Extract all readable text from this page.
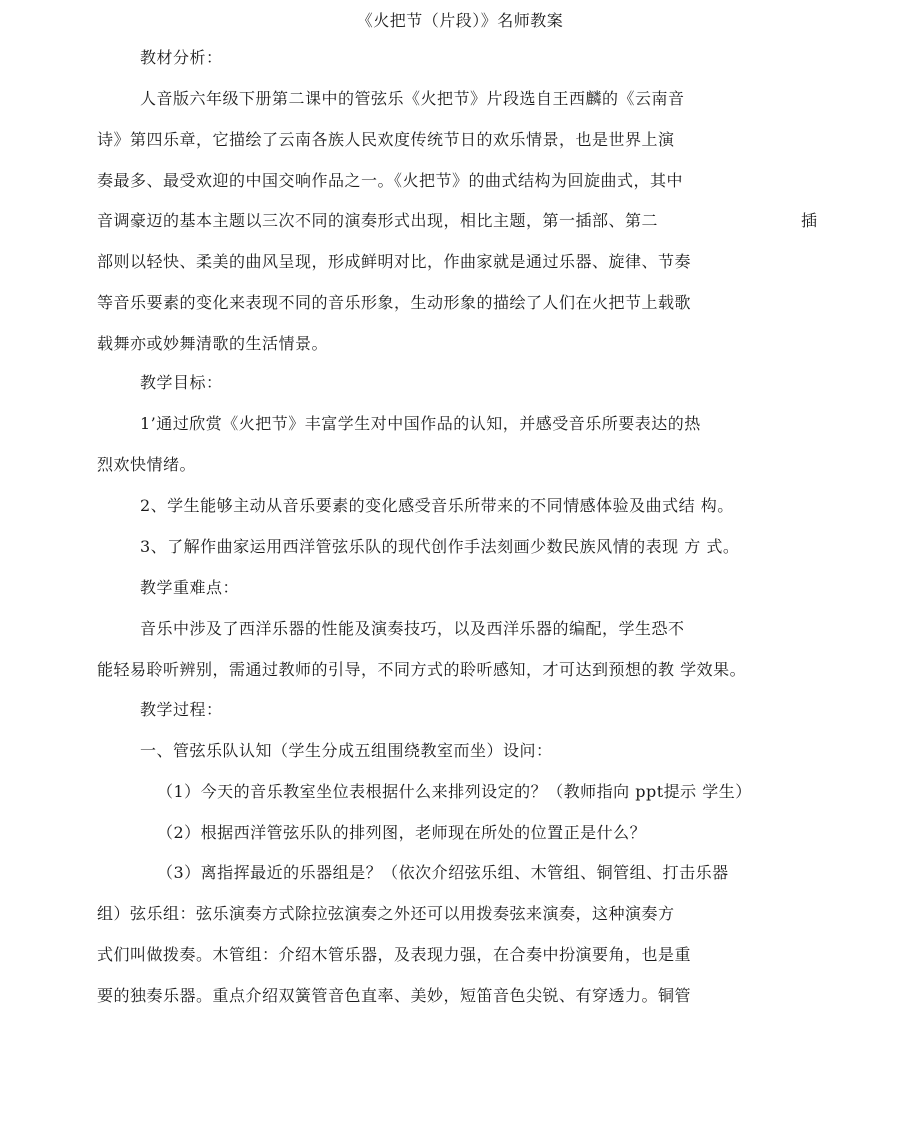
《火把节（片段）》名师教案
教材分析：
人音版六年级下册第二课中的管弦乐《火把节》片段选自王西麟的《云南音
诗》第四乐章，它描绘了云南各族人民欢度传统节日的欢乐情景，也是世界上演
奏最多、最受欢迎的中国交响作品之一。《火把节》的曲式结构为回旋曲式，其中
音调豪迈的基本主题以三次不同的演奏形式出现，相比主题，第一插部、第二	插
部则以轻快、柔美的曲风呈现，形成鲜明对比，作曲家就是通过乐器、旋律、节奏
等音乐要素的变化来表现不同的音乐形象，生动形象的描绘了人们在火把节上载歌
载舞亦或妙舞清歌的生活情景。
教学目标：
1’通过欣赏《火把节》丰富学生对中国作品的认知，并感受音乐所要表达的热
烈欢快情绪。
2、学生能够主动从音乐要素的变化感受音乐所带来的不同情感体验及曲式结 构。
3、了解作曲家运用西洋管弦乐队的现代创作手法刻画少数民族风情的表现 方 式。
教学重难点：
音乐中涉及了西洋乐器的性能及演奏技巧，以及西洋乐器的编配，学生恐不
能轻易聆听辨别，需通过教师的引导，不同方式的聆听感知，才可达到预想的教 学效果。
教学过程：
一、管弦乐队认知（学生分成五组围绕教室而坐）设问：
（1）今天的音乐教室坐位表根据什么来排列设定的？（教师指向 ppt提示 学生）
（2）根据西洋管弦乐队的排列图，老师现在所处的位置正是什么？
（3）离指挥最近的乐器组是？（依次介绍弦乐组、木管组、铜管组、打击乐器
组）弦乐组：弦乐演奏方式除拉弦演奏之外还可以用拨奏弦来演奏，这种演奏方
式们叫做拨奏。木管组：介绍木管乐器，及表现力强，在合奏中扮演要角，也是重
要的独奏乐器。重点介绍双簧管音色直率、美妙，短笛音色尖锐、有穿透力。铜管
